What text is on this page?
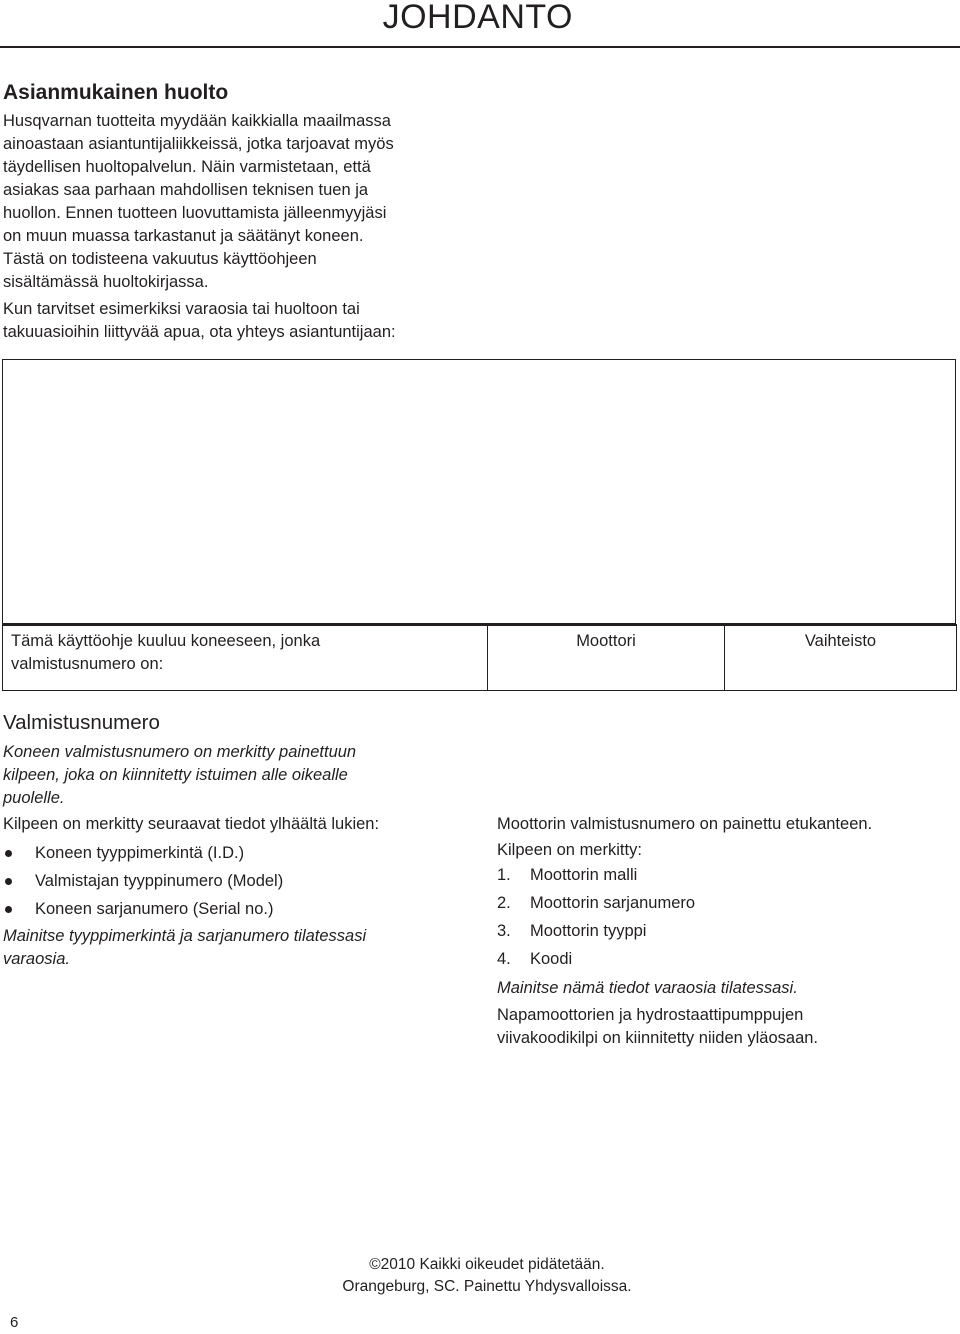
JOHDANTO
Asianmukainen huolto

Husqvarnan tuotteita myydään kaikkialla maailmassa

ainoastaan asiantuntijaliikkeissä, jotka tarjoavat myös

täydellisen huoltopalvelun. Näin varmistetaan, että

asiakas saa parhaan mahdollisen teknisen tuen ja

huollon. Ennen tuotteen luovuttamista jälleenmyyjäsi

on muun muassa tarkastanut ja säätänyt koneen.

Tästä on todisteena vakuutus käyttöohjeen

sisältämässä huoltokirjassa.

Kun tarvitset esimerkiksi varaosia tai huoltoon tai

takuuasioihin liittyvää apua, ota yhteys asiantuntijaan:

Tämä käyttöohje kuuluu koneeseen, jonka
valmistusnumero on:
Moottori	Vaihteisto
Valmistusnumero

Koneen valmistusnumero on merkitty painettuun

kilpeen, joka on kiinnitetty istuimen alle oikealle

puolelle.

Kilpeen on merkitty seuraavat tiedot ylhäältä lukien:

Koneen tyyppimerkintä (I.D.)
Valmistajan tyyppinumero (Model)
Koneen sarjanumero (Serial no.)

Mainitse tyyppimerkintä ja sarjanumero tilatessasi

varaosia.

Moottorin valmistusnumero on painettu etukanteen.

Kilpeen on merkitty:

1. Moottorin malli
2. Moottorin sarjanumero
3. Moottorin tyyppi
4. Koodi

Mainitse nämä tiedot varaosia tilatessasi.

Napamoottorien ja hydrostaattipumppujen

viivakoodikilpi on kiinnitetty niiden yläosaan.

©2010 Kaikki oikeudet pidätetään.
Orangeburg, SC. Painettu Yhdysvalloissa.
6
